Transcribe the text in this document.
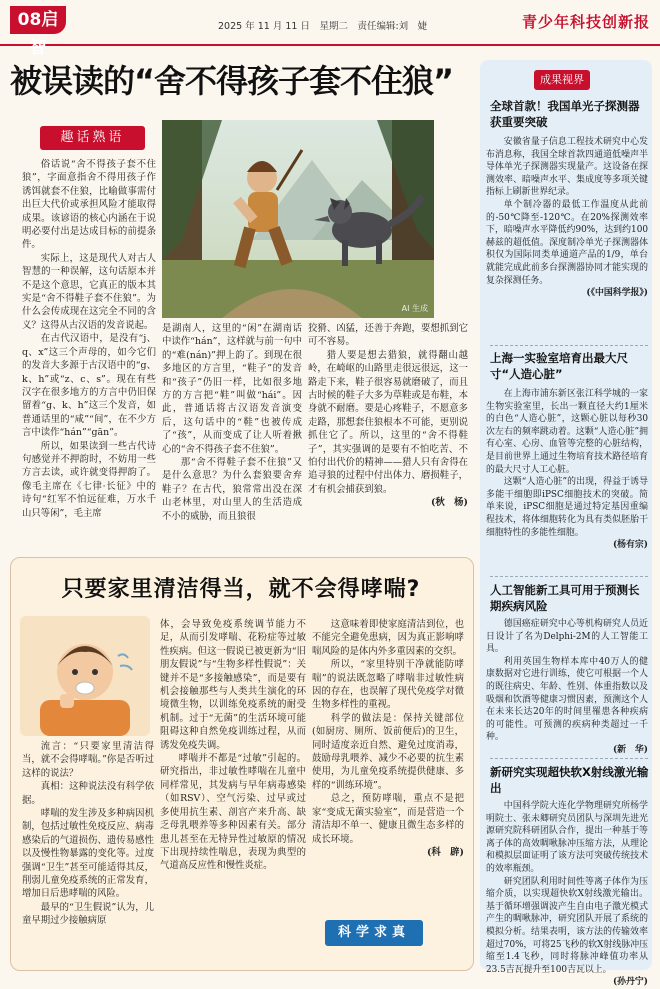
08启智
2025 年 11 月 11 日　星期二　责任编辑:刘　婕	青少年科技创新报
被误读的“舍不得孩子套不住狼”
趣话熟语
AI 生成

俗话说“舍不得孩子套不住狼”，字面意指舍不得用孩子作诱饵就套不住狼，比喻做事需付出巨大代价或承担风险才能取得成果。该谚语的核心内涵在于说明必要付出是达成目标的前提条件。

实际上，这是现代人对古人智慧的一种误解，这句话原本并不是这个意思，它真正的版本其实是“舍不得鞋子套不住狼”。为什么会传成现在这完全不同的含义？这得从古汉语的发音说起。

在古代汉语中，是没有“j、q、x”这三个声母的，如今它们的发音大多源于古汉语中的“g、k、h”或“z、c、s”。现在有些汉字在很多地方的方言中仍旧保留着“g、k、h”这三个发音，如普通话里的“咸”“间”，在不少方言中读作“hán”“gān”。

所以，如果读到一些古代诗句感觉并不押韵时，不妨用一些方言去读，或许就变得押韵了。像毛主席在《七律·长征》中的诗句“红军不怕远征难，万水千山只等闲”，毛主席

是湖南人，这里的“闲”在湖南话中读作“hán”，这样就与前一句中的“难(nán)”押上韵了。到现在很多地区的方言里，“鞋子”的发音和“孩子”仍旧一样，比如很多地方的方言把“鞋”叫做“hái”。因此，普通话将古汉语发音演变后，这句话中的“鞋”也被传成了“孩”，从而变成了让人听着揪心的“舍不得孩子套不住狼”。

那“舍不得鞋子套不住狼”又是什么意思？为什么套狼要舍弃鞋子？在古代，狼常常出没在深山老林里，对山里人的生活造成不小的威胁，而且狼很

狡猾、凶猛，还善于奔跑，要想抓到它可不容易。

猎人要是想去猎狼，就得翻山越岭，在崎岖的山路里走很远很远，这一路走下来，鞋子很容易就磨破了，而且古时候的鞋子大多为草鞋或是布鞋，本身就不耐磨。要是心疼鞋子，不愿意多走路，那想套住狼根本不可能，更别说抓住它了。所以，这里的“舍不得鞋子”，其实强调的是要有不怕吃苦、不怕付出代价的精神——猎人只有舍得在追寻狼的过程中付出体力、磨损鞋子，才有机会捕获到狼。

(秋　杨)
只要家里清洁得当，就不会得哮喘?

流言：“只要家里清洁得当，就不会得哮喘。”你是否听过这样的说法？

真相：这种说法没有科学依据。

哮喘的发生涉及多种病因机制，包括过敏性免疫反应、病毒感染后的气道损伤、遗传易感性以及慢性物暴露的变化等。过度强调“卫生”甚至可能适得其反，削弱儿童免疫系统的正常发育，增加日后患哮喘的风险。

最早的“卫生假说”认为，儿童早期过少接触病原

体，会导致免疫系统调节能力不足，从而引发哮喘、花粉症等过敏性疾病。但这一假说已被更新为“旧朋友假说”与“生物多样性假说”：关键并不是“多接触感染”，而是要有机会接触那些与人类共生演化的环境微生物，以训练免疫系统的耐受机制。过于“无菌”的生活环境可能阻碍这种自然免疫训练过程，从而诱发免疫失调。

哮喘并不都是“过敏”引起的。研究指出，非过敏性哮喘在儿童中同样常见，其发病与早年病毒感染（如RSV）、空气污染、过早或过多使用抗生素、剖宫产来升高、缺乏母乳喂养等多种因素有关。部分患儿甚至在无特异性过敏原的情况下出现持续性喘息，表现为典型的气道高反应性和慢性炎症。

这意味着即使家庭清洁到位，也不能完全避免患病，因为真正影响哮喘风险的是体内外多重因素的交织。

所以，“家里特别干净就能防哮喘”的说法既忽略了哮喘非过敏性病因的存在，也误解了现代免疫学对微生物多样性的重视。

科学的做法是：保持关键部位(如厨房、厕所、饭前便后)的卫生，同时适度亲近自然、避免过度消毒，鼓励母乳喂养、减少不必要的抗生素使用，为儿童免疫系统提供健康、多样的“训练环境”。

总之，预防哮喘，重点不是把家“变成无菌实验室”，而是营造一个清洁却不单一、健康且微生态多样的成长环境。

(科　辟)
科学求真
成果视界
全球首款！我国单光子探测器获重要突破

安徽省量子信息工程技术研究中心发布消息称，我国全球首款四通道低噪声半导体单光子探测器实现量产。这设备在探测效率、暗噪声水平、集成度等多项关键指标上刷新世界纪录。

单个制冷器的最低工作温度从此前的-50℃降至-120℃。在20%探测效率下，暗噪声水平降低约90%，达到约100赫兹的超低值。深度制冷单光子探测器体积仅为国际同类单通道产品的1/9，单台就能完成此前多台探测器协同才能实现的复杂探测任务。

(《中国科学报》)
上海一实验室培育出最大尺寸“人造心脏”

在上海市浦东新区张江科学城的一家生物实验室里，长出一颗直径大约1厘米的白色“人造心脏”，这颗心脏以每秒30次左右的频率跳动着。这颗“人造心脏”拥有心室、心房、血管等完整的心脏结构，是目前世界上通过生物培育技术路径培育的最大尺寸人工心脏。

这颗“人造心脏”的出现，得益于诱导多能干细胞即iPSC细胞技术的突破。简单来说，iPSC细胞是通过特定基因重编程技术，将体细胞转化为具有类似胚胎干细胞特性的多能性细胞。

(杨有宗)
人工智能新工具可用于预测长期疾病风险

德国癌症研究中心等机构研究人员近日设计了名为Delphi-2M的人工智能工具。

利用英国生物样本库中40万人的健康数据对它进行训练，使它可根据一个人的既往病史、年龄、性别、体重指数以及吸烟和饮酒等健康习惯因素，预测这个人在未来长达20年的时间里罹患各种疾病的可能性。可预测的疾病种类超过一千种。

(新　华)
新研究实现超快软X射线激光输出

中国科学院大连化学物理研究所杨学明院士、张未卿研究员团队与深圳先进光源研究院科研团队合作，提出一种基于等离子体的高效啁啾脉冲压缩方法，从理论和模拟层面证明了该方法可突破传统技术的效率瓶颈。

研究团队利用时间性等离子体作为压缩介质，以实现超快软X射线激光输出。基于循环增强调波产生自由电子激光模式产生的啁啾脉冲，研究团队开展了系统的模拟分析。结果表明，该方法的传输效率超过70%，可将25飞秒的软X射线脉冲压缩至1.4飞秒，同时将脉冲峰值功率从23.5吉瓦提升至100吉瓦以上。

(孙丹宁)
